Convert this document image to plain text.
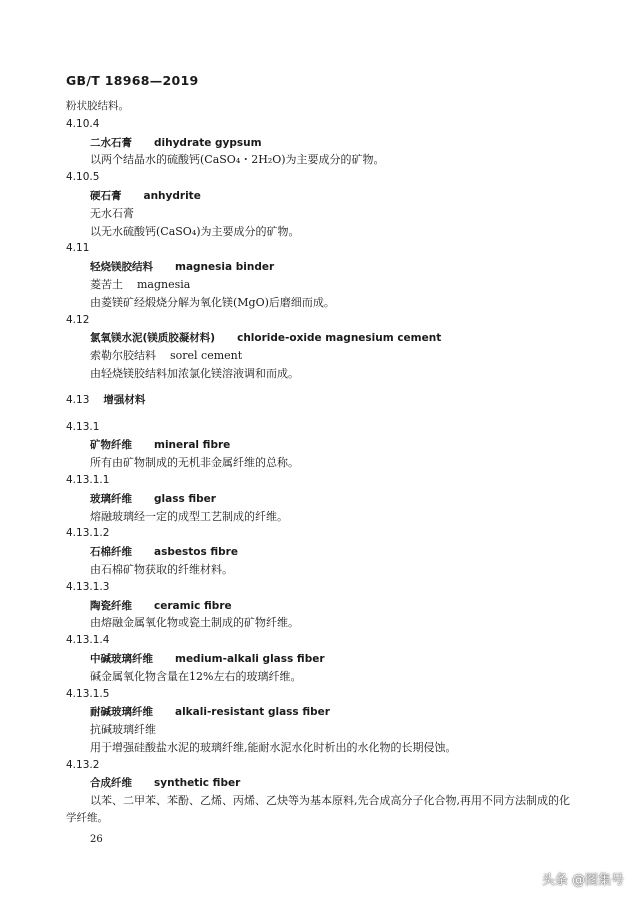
GB/T 18968—2019
粉状胶结料。
4.10.4
二水石膏 dihydrate gypsum
以两个结晶水的硫酸钙(CaSO₄・2H₂O)为主要成分的矿物。
4.10.5
硬石膏 anhydrite
无水石膏
以无水硫酸钙(CaSO₄)为主要成分的矿物。
4.11
轻烧镁胶结料 magnesia binder
菱苦土 magnesia
由菱镁矿经煅烧分解为氧化镁(MgO)后磨细而成。
4.12
氯氧镁水泥(镁质胶凝材料) chloride-oxide magnesium cement
索勒尔胶结料 sorel cement
由轻烧镁胶结料加浓氯化镁溶液调和而成。
4.13 增强材料
4.13.1
矿物纤维 mineral fibre
所有由矿物制成的无机非金属纤维的总称。
4.13.1.1
玻璃纤维 glass fiber
熔融玻璃经一定的成型工艺制成的纤维。
4.13.1.2
石棉纤维 asbestos fibre
由石棉矿物获取的纤维材料。
4.13.1.3
陶瓷纤维 ceramic fibre
由熔融金属氧化物或瓷土制成的矿物纤维。
4.13.1.4
中碱玻璃纤维 medium-alkali glass fiber
碱金属氧化物含量在12%左右的玻璃纤维。
4.13.1.5
耐碱玻璃纤维 alkali-resistant glass fiber
抗碱玻璃纤维
用于增强硅酸盐水泥的玻璃纤维,能耐水泥水化时析出的水化物的长期侵蚀。
4.13.2
合成纤维 synthetic fiber
以苯、二甲苯、苯酚、乙烯、丙烯、乙炔等为基本原料,先合成高分子化合物,再用不同方法制成的化
学纤维。
26
头条 @图集号
